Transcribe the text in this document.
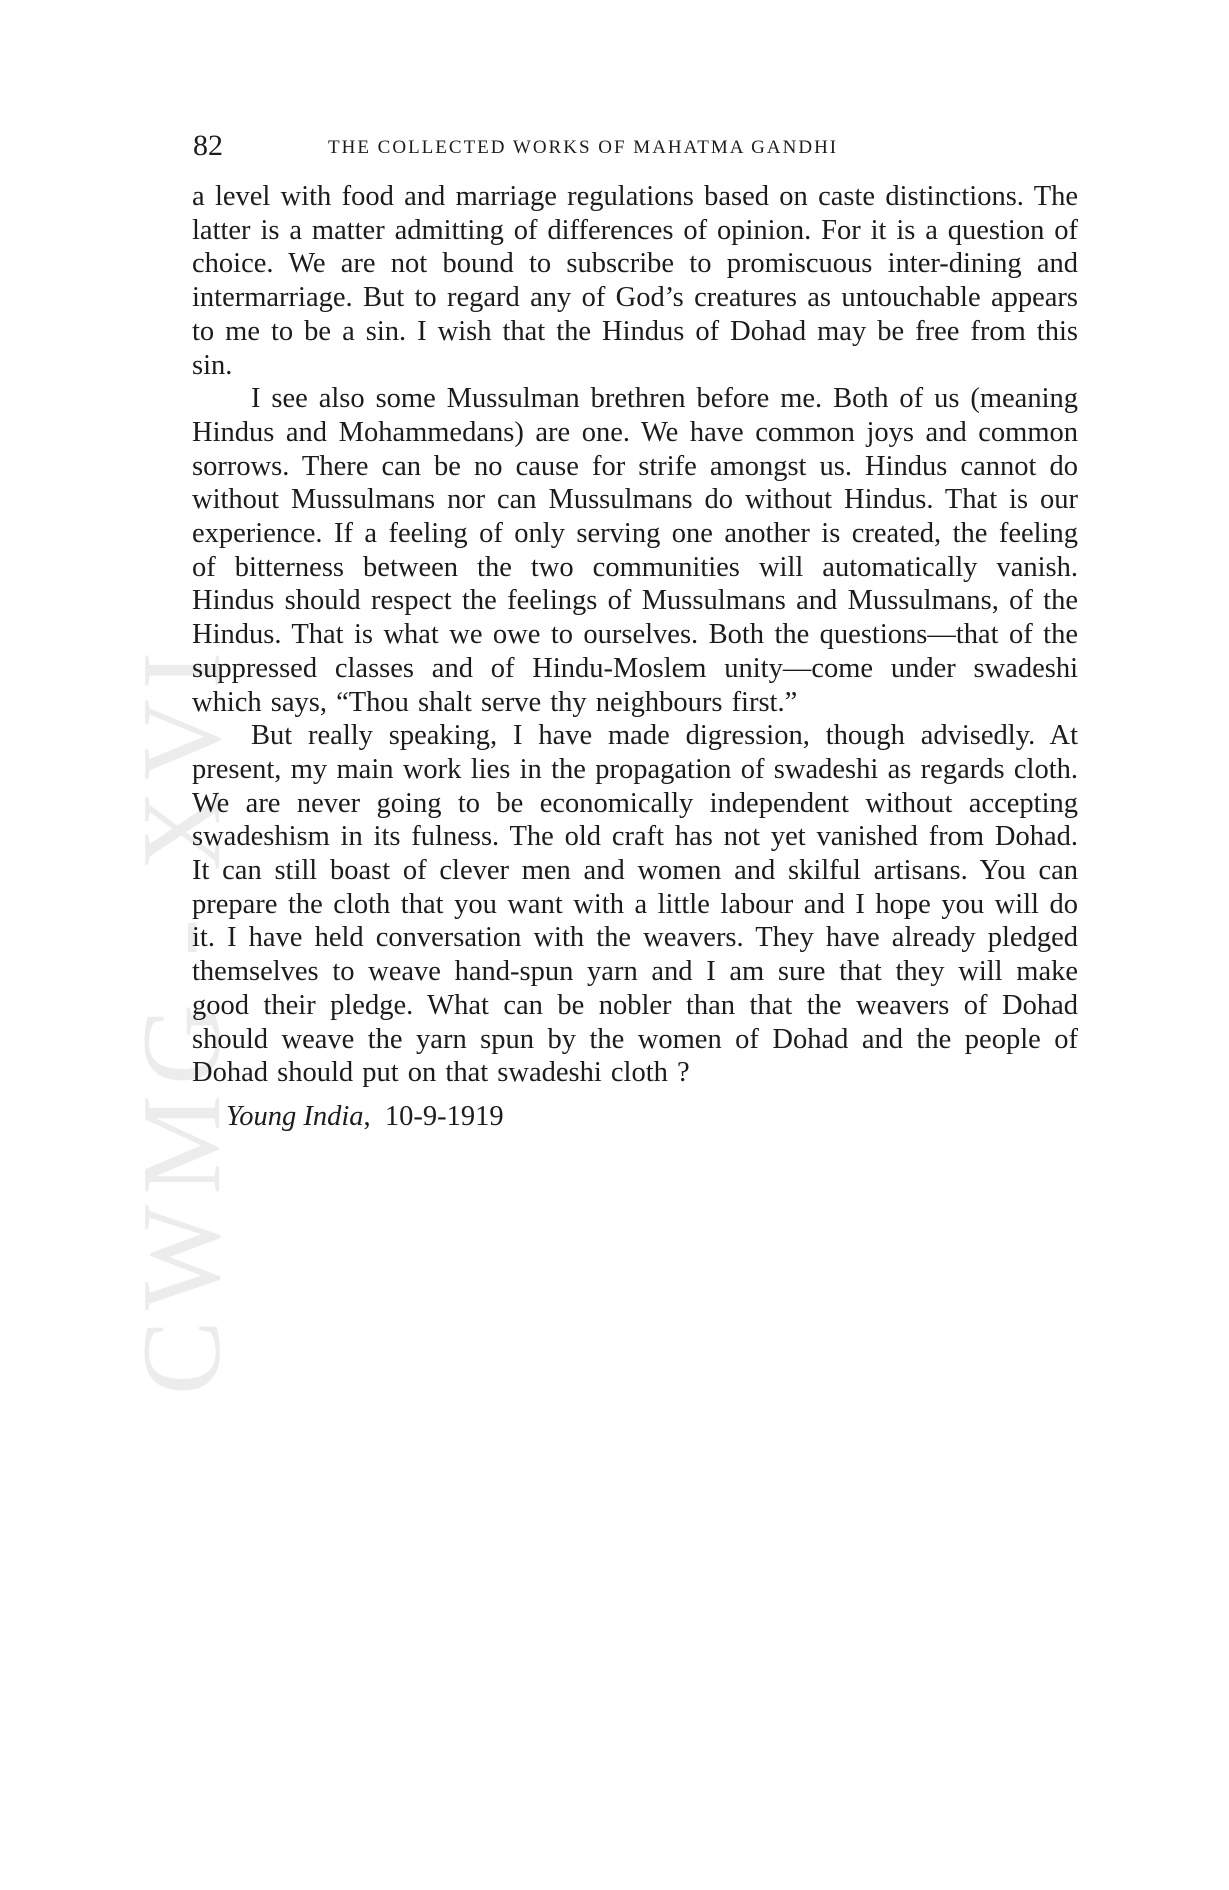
CWMG - XVI
82	THE COLLECTED WORKS OF MAHATMA GANDHI

a level with food and marriage regulations based on caste distinctions. The latter is a matter admitting of differences of opinion. For it is a question of choice. We are not bound to subscribe to promiscuous inter-dining and intermarriage. But to regard any of God’s creatures as untouchable appears to me to be a sin. I wish that the Hindus of Dohad may be free from this sin.

I see also some Mussulman brethren before me. Both of us (meaning Hindus and Mohammedans) are one. We have common joys and common sorrows. There can be no cause for strife amongst us. Hindus cannot do without Mussulmans nor can Mussulmans do without Hindus. That is our experience. If a feeling of only serving one another is created, the feeling of bitterness between the two communities will automatically vanish. Hindus should respect the feelings of Mussulmans and Mussulmans, of the Hindus. That is what we owe to ourselves. Both the questions—that of the suppressed classes and of Hindu-Moslem unity—come under swadeshi which says, “Thou shalt serve thy neighbours first.”

But really speaking, I have made digression, though advisedly. At present, my main work lies in the propagation of swadeshi as regards cloth. We are never going to be economically independent without accepting swadeshism in its fulness. The old craft has not yet vanished from Dohad. It can still boast of clever men and women and skilful artisans. You can prepare the cloth that you want with a little labour and I hope you will do it. I have held conversation with the weavers. They have already pledged themselves to weave hand-spun yarn and I am sure that they will make good their pledge. What can be nobler than that the weavers of Dohad should weave the yarn spun by the women of Dohad and the people of Dohad should put on that swadeshi cloth ?

Young India, 10-9-1919
